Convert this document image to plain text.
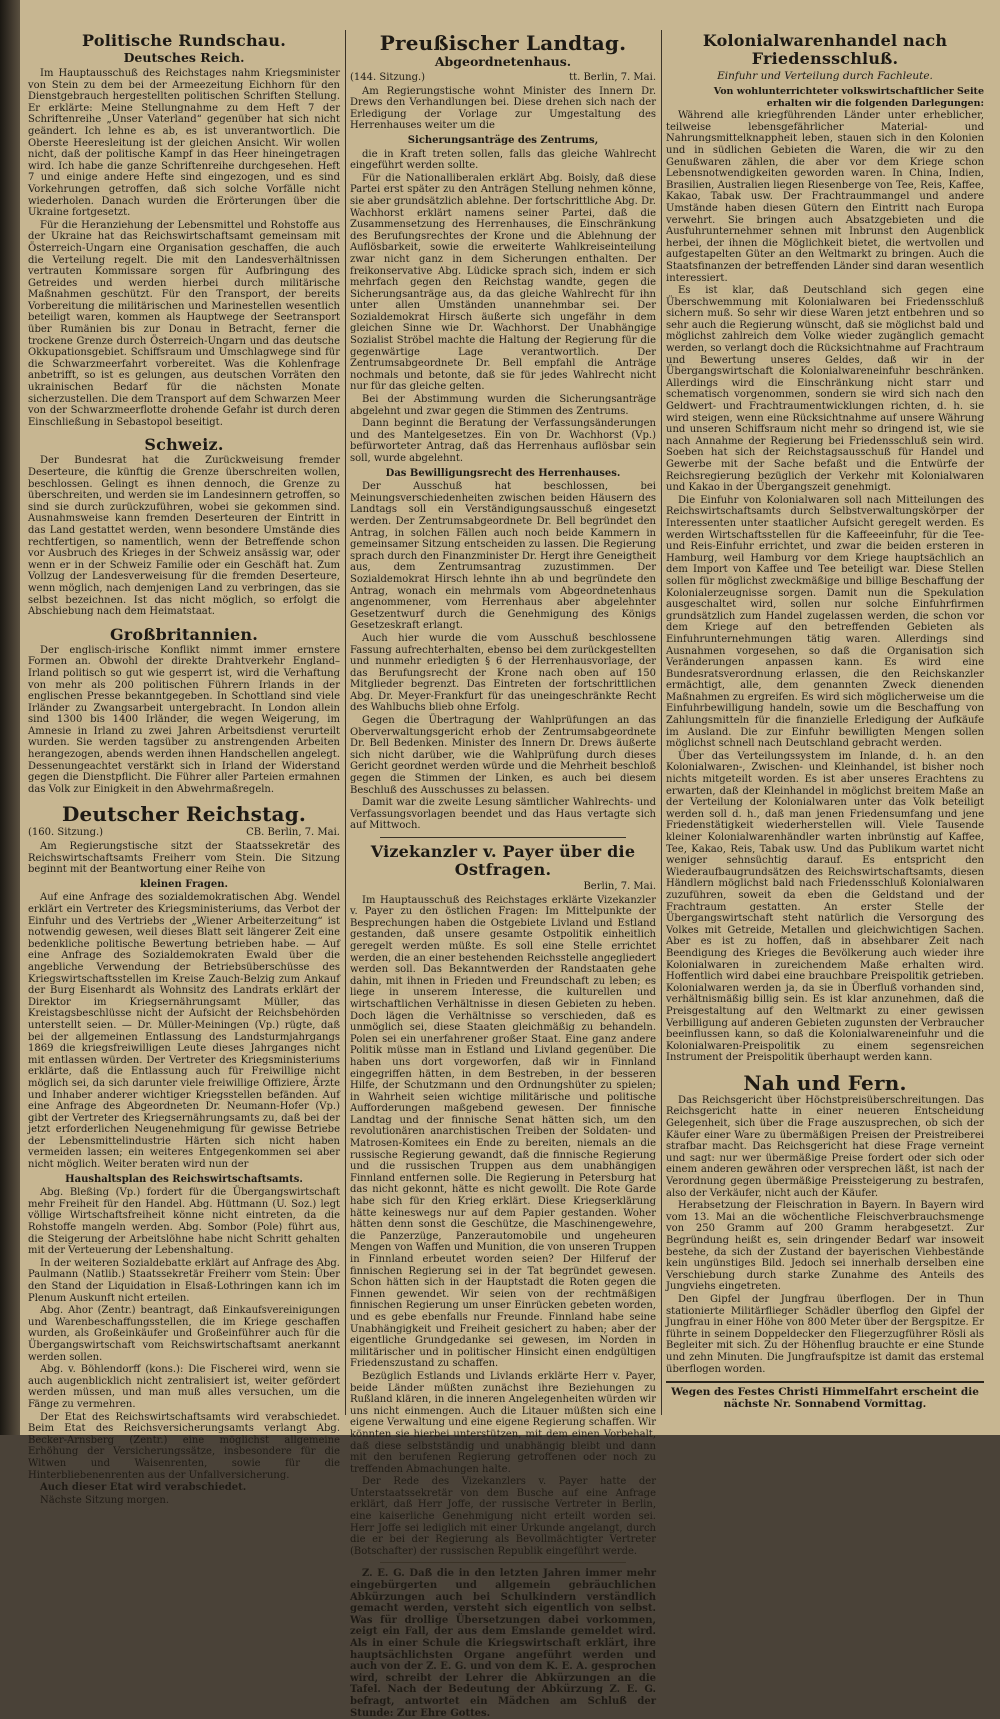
Politische Rundschau.
Deutsches Reich.

Im Hauptausschuß des Reichstages nahm Kriegsminister von Stein zu dem bei der Armeezeitung Eichhorn für den Dienstgebrauch hergestellten politischen Schriften Stellung. Er erklärte: Meine Stellungnahme zu dem Heft 7 der Schriftenreihe „Unser Vaterland“ gegenüber hat sich nicht geändert. Ich lehne es ab, es ist unverantwortlich. Die Oberste Heeresleitung ist der gleichen Ansicht. Wir wollen nicht, daß der politische Kampf in das Heer hineingetragen wird. Ich habe die ganze Schriftenreihe durchgesehen. Heft 7 und einige andere Hefte sind eingezogen, und es sind Vorkehrungen getroffen, daß sich solche Vorfälle nicht wiederholen. Danach wurden die Erörterungen über die Ukraine fortgesetzt.

Für die Heranziehung der Lebensmittel und Rohstoffe aus der Ukraine hat das Reichswirtschaftsamt gemeinsam mit Österreich-Ungarn eine Organisation geschaffen, die auch die Verteilung regelt. Die mit den Landesverhältnissen vertrauten Kommissare sorgen für Aufbringung des Getreides und werden hierbei durch militärische Maßnahmen geschützt. Für den Transport, der bereits Vorbereitung die militärischen und Marinestellen wesentlich beteiligt waren, kommen als Hauptwege der Seetransport über Rumänien bis zur Donau in Betracht, ferner die trockene Grenze durch Österreich-Ungarn und das deutsche Okkupationsgebiet. Schiffsraum und Umschlagwege sind für die Schwarzmeerfahrt vorbereitet. Was die Kohlenfrage anbetrifft, so ist es gelungen, aus deutschen Vorräten den ukrainischen Bedarf für die nächsten Monate sicherzustellen. Die dem Transport auf dem Schwarzen Meer von der Schwarzmeerflotte drohende Gefahr ist durch deren Einschließung in Sebastopol beseitigt.

Schweiz.

Der Bundesrat hat die Zurückweisung fremder Deserteure, die künftig die Grenze überschreiten wollen, beschlossen. Gelingt es ihnen dennoch, die Grenze zu überschreiten, und werden sie im Landesinnern getroffen, so sind sie durch zurückzuführen, wobei sie gekommen sind. Ausnahmsweise kann fremden Deserteuren der Eintritt in das Land gestattet werden, wenn besondere Umstände dies rechtfertigen, so namentlich, wenn der Betreffende schon vor Ausbruch des Krieges in der Schweiz ansässig war, oder wenn er in der Schweiz Familie oder ein Geschäft hat. Zum Vollzug der Landesverweisung für die fremden Deserteure, wenn möglich, nach demjenigen Land zu verbringen, das sie selbst bezeichnen. Ist das nicht möglich, so erfolgt die Abschiebung nach dem Heimatstaat.

Großbritannien.

Der englisch-irische Konflikt nimmt immer ernstere Formen an. Obwohl der direkte Drahtverkehr England–Irland politisch so gut wie gesperrt ist, wird die Verhaftung von mehr als 200 politischen Führern Irlands in der englischen Presse bekanntgegeben. In Schottland sind viele Irländer zu Zwangsarbeit untergebracht. In London allein sind 1300 bis 1400 Irländer, die wegen Weigerung, im Amnesie in Irland zu zwei Jahren Arbeitsdienst verurteilt wurden. Sie werden tagsüber zu anstrengenden Arbeiten herangezogen, abends werden ihnen Handschellen angelegt. Dessenungeachtet verstärkt sich in Irland der Widerstand gegen die Dienstpflicht. Die Führer aller Parteien ermahnen das Volk zur Einigkeit in den Abwehrmaßregeln.

Deutscher Reichstag.
(160. Sitzung.)	CB. Berlin, 7. Mai.

Am Regierungstische sitzt der Staatssekretär des Reichswirtschaftsamts Freiherr vom Stein. Die Sitzung beginnt mit der Beantwortung einer Reihe von

kleinen Fragen.

Auf eine Anfrage des sozialdemokratischen Abg. Wendel erklärt ein Vertreter des Kriegsministeriums, das Verbot der Einfuhr und des Vertriebs der „Wiener Arbeiterzeitung“ ist notwendig gewesen, weil dieses Blatt seit längerer Zeit eine bedenkliche politische Bewertung betrieben habe. — Auf eine Anfrage des Sozialdemokraten Ewald über die angebliche Verwendung der Betriebsüberschüsse des Kriegswirtschaftsstellen im Kreise Zauch-Belzig zum Ankauf der Burg Eisenhardt als Wohnsitz des Landrats erklärt der Direktor im Kriegsernährungsamt Müller, das Kreistagsbeschlüsse nicht der Aufsicht der Reichsbehörden unterstellt seien. — Dr. Müller-Meiningen (Vp.) rügte, daß bei der allgemeinen Entlassung des Landsturmjahrgangs 1869 die kriegsfreiwilligen Leute dieses Jahrganges nicht mit entlassen würden. Der Vertreter des Kriegsministeriums erklärte, daß die Entlassung auch für Freiwillige nicht möglich sei, da sich darunter viele freiwillige Offiziere, Ärzte und Inhaber anderer wichtiger Kriegsstellen befänden. Auf eine Anfrage des Abgeordneten Dr. Neumann-Hofer (Vp.) gibt der Vertreter des Kriegsernährungsamts zu, daß bei der jetzt erforderlichen Neugenehmigung für gewisse Betriebe der Lebensmittelindustrie Härten sich nicht haben vermeiden lassen; ein weiteres Entgegenkommen sei aber nicht möglich. Weiter beraten wird nun der

Haushaltsplan des Reichswirtschaftsamts.

Abg. Bleßing (Vp.) fordert für die Übergangswirtschaft mehr Freiheit für den Handel. Abg. Hüttmann (U. Soz.) legt völlige Wirtschaftsfreiheit könne nicht eintreten, da die Rohstoffe mangeln werden. Abg. Sombor (Pole) führt aus, die Steigerung der Arbeitslöhne habe nicht Schritt gehalten mit der Verteuerung der Lebenshaltung.

In der weiteren Sozialdebatte erklärt auf Anfrage des Abg. Paulmann (Natlib.) Staatssekretär Freiherr vom Stein: Über den Stand der Liquidation in Elsaß-Lothringen kann ich im Plenum Auskunft nicht erteilen.

Abg. Ahor (Zentr.) beantragt, daß Einkaufsvereinigungen und Warenbeschaffungsstellen, die im Kriege geschaffen wurden, als Großeinkäufer und Großeinführer auch für die Übergangswirtschaft vom Reichswirtschaftsamt anerkannt werden sollen.

Abg. v. Böhlendorff (kons.): Die Fischerei wird, wenn sie auch augenblicklich nicht zentralisiert ist, weiter gefördert werden müssen, und man muß alles versuchen, um die Fänge zu vermehren.

Der Etat des Reichswirtschaftsamts wird verabschiedet. Beim Etat des Reichsversicherungsamts verlangt Abg. Becker-Arnsberg (Zentr.) eine möglichst allgemeine Erhöhung der Versicherungssätze, insbesondere für die Witwen und Waisenrenten, sowie für die Hinterbliebenenrenten aus der Unfallversicherung.

Auch dieser Etat wird verabschiedet.

Nächste Sitzung morgen.

Preußischer Landtag.
Abgeordnetenhaus.
(144. Sitzung.)	tt. Berlin, 7. Mai.

Am Regierungstische wohnt Minister des Innern Dr. Drews den Verhandlungen bei. Diese drehen sich nach der Erledigung der Vorlage zur Umgestaltung des Herrenhauses weiter um die

Sicherungsanträge des Zentrums,

die in Kraft treten sollen, falls das gleiche Wahlrecht eingeführt werden sollte.

Für die Nationalliberalen erklärt Abg. Boisly, daß diese Partei erst später zu den Anträgen Stellung nehmen könne, sie aber grundsätzlich ablehne. Der fortschrittliche Abg. Dr. Wachhorst erklärt namens seiner Partei, daß die Zusammensetzung des Herrenhauses, die Einschränkung des Berufungsrechtes der Krone und die Ablehnung der Auflösbarkeit, sowie die erweiterte Wahlkreiseinteilung zwar nicht ganz in dem Sicherungen enthalten. Der freikonservative Abg. Lüdicke sprach sich, indem er sich mehrfach gegen den Reichstag wandte, gegen die Sicherungsanträge aus, da das gleiche Wahlrecht für ihn unter allen Umständen unannehmbar sei. Der Sozialdemokrat Hirsch äußerte sich ungefähr in dem gleichen Sinne wie Dr. Wachhorst. Der Unabhängige Sozialist Ströbel machte die Haltung der Regierung für die gegenwärtige Lage verantwortlich. Der Zentrumsabgeordnete Dr. Bell empfahl die Anträge nochmals und betonte, daß sie für jedes Wahlrecht nicht nur für das gleiche gelten.

Bei der Abstimmung wurden die Sicherungsanträge abgelehnt und zwar gegen die Stimmen des Zentrums.

Dann beginnt die Beratung der Verfassungsänderungen und des Mantelgesetzes. Ein von Dr. Wachhorst (Vp.) befürworteter Antrag, daß das Herrenhaus auflösbar sein soll, wurde abgelehnt.

Das Bewilligungsrecht des Herrenhauses.

Der Ausschuß hat beschlossen, bei Meinungsverschiedenheiten zwischen beiden Häusern des Landtags soll ein Verständigungsausschuß eingesetzt werden. Der Zentrumsabgeordnete Dr. Bell begründet den Antrag, in solchen Fällen auch noch beide Kammern in gemeinsamer Sitzung entscheiden zu lassen. Die Regierung sprach durch den Finanzminister Dr. Hergt ihre Geneigtheit aus, dem Zentrumsantrag zuzustimmen. Der Sozialdemokrat Hirsch lehnte ihn ab und begründete den Antrag, wonach ein mehrmals vom Abgeordnetenhaus angenommener, vom Herrenhaus aber abgelehnter Gesetzentwurf durch die Genehmigung des Königs Gesetzeskraft erlangt.

Auch hier wurde die vom Ausschuß beschlossene Fassung aufrechterhalten, ebenso bei dem zurückgestellten und nunmehr erledigten § 6 der Herrenhausvorlage, der das Berufungsrecht der Krone nach oben auf 150 Mitglieder begrenzt. Das Eintreten der fortschrittlichen Abg. Dr. Meyer-Frankfurt für das uneingeschränkte Recht des Wahlbuchs blieb ohne Erfolg.

Gegen die Übertragung der Wahlprüfungen an das Oberverwaltungsgericht erhob der Zentrumsabgeordnete Dr. Bell Bedenken. Minister des Innern Dr. Drews äußerte sich nicht darüber, wie die Wahlprüfung durch dieses Gericht geordnet werden würde und die Mehrheit beschloß gegen die Stimmen der Linken, es auch bei diesem Beschluß des Ausschusses zu belassen.

Damit war die zweite Lesung sämtlicher Wahlrechts- und Verfassungsvorlagen beendet und das Haus vertagte sich auf Mittwoch.

Vizekanzler v. Payer über die Ostfragen.
Berlin, 7. Mai.

Im Hauptausschuß des Reichstages erklärte Vizekanzler v. Payer zu den östlichen Fragen: Im Mittelpunkte der Besprechungen haben die Ostgebiete Livland und Estland gestanden, daß unsere gesamte Ostpolitik einheitlich geregelt werden müßte. Es soll eine Stelle errichtet werden, die an einer bestehenden Reichsstelle angegliedert werden soll. Das Bekanntwerden der Randstaaten gehe dahin, mit ihnen in Frieden und Freundschaft zu leben; es liege in unserem Interesse, die kulturellen und wirtschaftlichen Verhältnisse in diesen Gebieten zu heben. Doch lägen die Verhältnisse so verschieden, daß es unmöglich sei, diese Staaten gleichmäßig zu behandeln. Polen sei ein unerfahrener großer Staat. Eine ganz andere Politik müsse man in Estland und Livland gegenüber. Die haben uns dort vorgeworfen, daß wir in Finnland eingegriffen hätten, in dem Bestreben, in der besseren Hilfe, der Schutzmann und den Ordnungshüter zu spielen; in Wahrheit seien wichtige militärische und politische Aufforderungen maßgebend gewesen. Der finnische Landtag und der finnische Senat hätten sich, um den revolutionären anarchistischen Treiben der Soldaten- und Matrosen-Komitees ein Ende zu bereiten, niemals an die russische Regierung gewandt, daß die finnische Regierung und die russischen Truppen aus dem unabhängigen Finnland entfernen solle. Die Regierung in Petersburg hat das nicht gekonnt, hätte es nicht gewollt. Die Rote Garde habe sich für den Krieg erklärt. Diese Kriegserklärung hätte keineswegs nur auf dem Papier gestanden. Woher hätten denn sonst die Geschütze, die Maschinengewehre, die Panzerzüge, Panzerautomobile und ungeheuren Mengen von Waffen und Munition, die von unseren Truppen in Finnland erbeutet worden seien? Der Hilferuf der finnischen Regierung sei in der Tat begründet gewesen. Schon hätten sich in der Hauptstadt die Roten gegen die Finnen gewendet. Wir seien von der rechtmäßigen finnischen Regierung um unser Einrücken gebeten worden, und es gebe ebenfalls nur Freunde. Finnland habe seine Unabhängigkeit und Freiheit gesichert zu haben; aber der eigentliche Grundgedanke sei gewesen, im Norden in militärischer und in politischer Hinsicht einen endgültigen Friedenszustand zu schaffen.

Bezüglich Estlands und Livlands erklärte Herr v. Payer, beide Länder müßten zunächst ihre Beziehungen zu Rußland klären, in die inneren Angelegenheiten würden wir uns nicht einmengen. Auch die Litauer müßten sich eine eigene Verwaltung und eine eigene Regierung schaffen. Wir könnten sie hierbei unterstützen, mit dem einen Vorbehalt, daß diese selbstständig und unabhängig bleibt und dann mit den berufenen Regierung getroffenen oder noch zu treffenden Abmachungen halte.

Der Rede des Vizekanzlers v. Payer hatte der Unterstaatssekretär von dem Busche auf eine Anfrage erklärt, daß Herr Joffe, der russische Vertreter in Berlin, eine kaiserliche Genehmigung nicht erteilt worden sei. Herr Joffe sei lediglich mit einer Urkunde angelangt, durch die er bei der Regierung als Bevollmächtigter Vertreter (Botschafter) der russischen Republik eingeführt werde.

Z. E. G. Daß die in den letzten Jahren immer mehr eingebürgerten und allgemein gebräuchlichen Abkürzungen auch bei Schulkindern verständlich gemacht werden, versteht sich eigentlich von selbst. Was für drollige Übersetzungen dabei vorkommen, zeigt ein Fall, der aus dem Emslande gemeldet wird. Als in einer Schule die Kriegswirtschaft erklärt, ihre hauptsächlichsten Organe angeführt werden und auch von der Z. E. G. und von dem K. E. A. gesprochen wird, schreibt der Lehrer die Abkürzungen an die Tafel. Nach der Bedeutung der Abkürzung Z. E. G. befragt, antwortet ein Mädchen am Schluß der Stunde: Zur Ehre Gottes.

Kolonialwarenhandel nach Friedensschluß.
Einfuhr und Verteilung durch Fachleute.

Von wohlunterrichteter volkswirtschaftlicher Seite erhalten wir die folgenden Darlegungen:

Während alle kriegführenden Länder unter erheblicher, teilweise lebensgefährlicher Material- und Nahrungsmittelknappheit leben, stauen sich in den Kolonien und in südlichen Gebieten die Waren, die wir zu den Genußwaren zählen, die aber vor dem Kriege schon Lebensnotwendigkeiten geworden waren. In China, Indien, Brasilien, Australien liegen Riesenberge von Tee, Reis, Kaffee, Kakao, Tabak usw. Der Frachtraummangel und andere Umstände haben diesen Gütern den Eintritt nach Europa verwehrt. Sie bringen auch Absatzgebieten und die Ausfuhrunternehmer sehnen mit Inbrunst den Augenblick herbei, der ihnen die Möglichkeit bietet, die wertvollen und aufgestapelten Güter an den Weltmarkt zu bringen. Auch die Staatsfinanzen der betreffenden Länder sind daran wesentlich interessiert.

Es ist klar, daß Deutschland sich gegen eine Überschwemmung mit Kolonialwaren bei Friedensschluß sichern muß. So sehr wir diese Waren jetzt entbehren und so sehr auch die Regierung wünscht, daß sie möglichst bald und möglichst zahlreich dem Volke wieder zugänglich gemacht werden, so verlangt doch die Rücksichtnahme auf Frachtraum und Bewertung unseres Geldes, daß wir in der Übergangswirtschaft die Kolonialwareneinfuhr beschränken. Allerdings wird die Einschränkung nicht starr und schematisch vorgenommen, sondern sie wird sich nach den Geldwert- und Frachtraumentwicklungen richten, d. h. sie wird steigen, wenn eine Rücksichtnahme auf unsere Währung und unseren Schiffsraum nicht mehr so dringend ist, wie sie nach Annahme der Regierung bei Friedensschluß sein wird. Soeben hat sich der Reichstagsausschuß für Handel und Gewerbe mit der Sache befaßt und die Entwürfe der Reichsregierung bezüglich der Verkehr mit Kolonialwaren und Kakao in der Übergangszeit genehmigt.

Die Einfuhr von Kolonialwaren soll nach Mitteilungen des Reichswirtschaftsamts durch Selbstverwaltungskörper der Interessenten unter staatlicher Aufsicht geregelt werden. Es werden Wirtschaftsstellen für die Kaffeeeinfuhr, für die Tee- und Reis-Einfuhr errichtet, und zwar die beiden ersteren in Hamburg, weil Hamburg vor dem Kriege hauptsächlich an dem Import von Kaffee und Tee beteiligt war. Diese Stellen sollen für möglichst zweckmäßige und billige Beschaffung der Kolonialerzeugnisse sorgen. Damit nun die Spekulation ausgeschaltet wird, sollen nur solche Einfuhrfirmen grundsätzlich zum Handel zugelassen werden, die schon vor dem Kriege auf den betreffenden Gebieten als Einfuhrunternehmungen tätig waren. Allerdings sind Ausnahmen vorgesehen, so daß die Organisation sich Veränderungen anpassen kann. Es wird eine Bundesratsverordnung erlassen, die den Reichskanzler ermächtigt, alle, dem genannten Zweck dienenden Maßnahmen zu ergreifen. Es wird sich möglicherweise um die Einfuhrbewilligung handeln, sowie um die Beschaffung von Zahlungsmitteln für die finanzielle Erledigung der Aufkäufe im Ausland. Die zur Einfuhr bewilligten Mengen sollen möglichst schnell nach Deutschland gebracht werden.

Über das Verteilungssystem im Inlande, d. h. an den Kolonialwaren-, Zwischen- und Kleinhandel, ist bisher noch nichts mitgeteilt worden. Es ist aber unseres Erachtens zu erwarten, daß der Kleinhandel in möglichst breitem Maße an der Verteilung der Kolonialwaren unter das Volk beteiligt werden soll d. h., daß man jenen Friedensumfang und jene Friedenstätigkeit wiederherstellen will. Viele Tausende kleiner Kolonialwarenhändler warten inbrünstig auf Kaffee, Tee, Kakao, Reis, Tabak usw. Und das Publikum wartet nicht weniger sehnsüchtig darauf. Es entspricht den Wiederaufbaugrundsätzen des Reichswirtschaftsamts, diesen Händlern möglichst bald nach Friedensschluß Kolonialwaren zuzuführen, soweit da eben die Geldstand und der Frachtraum gestatten. An erster Stelle der Übergangswirtschaft steht natürlich die Versorgung des Volkes mit Getreide, Metallen und gleichwichtigen Sachen. Aber es ist zu hoffen, daß in absehbarer Zeit nach Beendigung des Krieges die Bevölkerung auch wieder ihre Kolonialwaren in zureichendem Maße erhalten wird. Hoffentlich wird dabei eine brauchbare Preispolitik getrieben. Kolonialwaren werden ja, da sie in Überfluß vorhanden sind, verhältnismäßig billig sein. Es ist klar anzunehmen, daß die Preisgestaltung auf den Weltmarkt zu einer gewissen Verbilligung auf anderen Gebieten zugunsten der Verbraucher beeinflussen kann, so daß die Kolonialwareneinfuhr und die Kolonialwaren-Preispolitik zu einem segensreichen Instrument der Preispolitik überhaupt werden kann.

Nah und Fern.

Das Reichsgericht über Höchstpreisüberschreitungen. Das Reichsgericht hatte in einer neueren Entscheidung Gelegenheit, sich über die Frage auszusprechen, ob sich der Käufer einer Ware zu übermäßigen Preisen der Preistreiberei strafbar macht. Das Reichsgericht hat diese Frage verneint und sagt: nur wer übermäßige Preise fordert oder sich oder einem anderen gewähren oder versprechen läßt, ist nach der Verordnung gegen übermäßige Preissteigerung zu bestrafen, also der Verkäufer, nicht auch der Käufer.

Herabsetzung der Fleischration in Bayern. In Bayern wird vom 13. Mai an die wöchentliche Fleischverbrauchsmenge von 250 Gramm auf 200 Gramm herabgesetzt. Zur Begründung heißt es, sein dringender Bedarf war insoweit bestehe, da sich der Zustand der bayerischen Viehbestände kein ungünstiges Bild. Jedoch sei innerhalb derselben eine Verschiebung durch starke Zunahme des Anteils des Jungviehs eingetreten.

Den Gipfel der Jungfrau überflogen. Der in Thun stationierte Militärflieger Schädler überflog den Gipfel der Jungfrau in einer Höhe von 800 Meter über der Bergspitze. Er führte in seinem Doppeldecker den Fliegerzugführer Rösli als Begleiter mit sich. Zu der Höhenflug brauchte er eine Stunde und zehn Minuten. Die Jungfraufspitze ist damit das erstemal überflogen worden.

Wegen des Festes Christi Himmelfahrt erscheint die nächste Nr. Sonnabend Vormittag.
